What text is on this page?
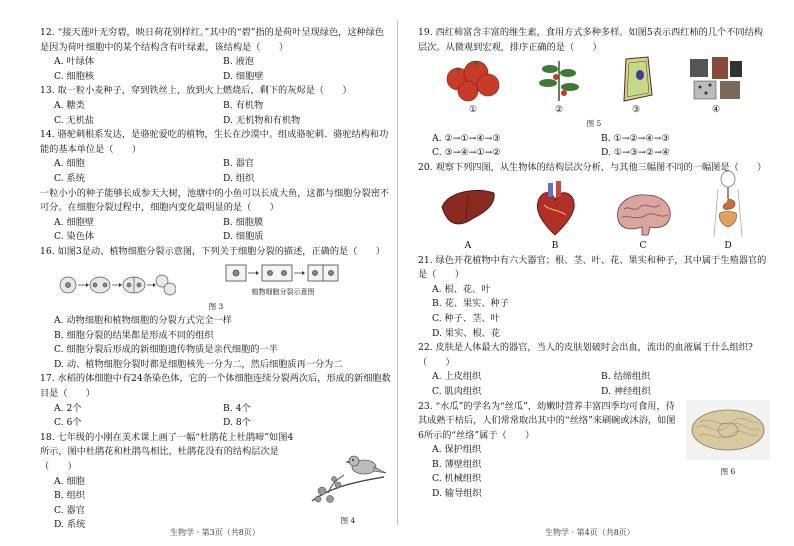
12. “接天莲叶无穷碧，映日荷花别样红。”其中的“碧”指的是荷叶呈现绿色，这种绿色是因为荷叶细胞中的某个结构含有叶绿素，该结构是（　　）
A. 叶绿体	B. 液泡
C. 细胞核	D. 细胞壁
13. 取一粒小麦种子，穿到铁丝上，放到火上燃烧后，剩下的灰烬是（　　）
A. 糖类	B. 有机物
C. 无机盐	D. 无机物和有机物
14. 骆驼刺根系发达，是骆驼爱吃的植物，生长在沙漠中。组成骆驼刺、骆驼结构和功能的基本单位是（　　）
A. 细胞	B. 器官
C. 系统	D. 组织
一粒小小的种子能够长成参天大树，池塘中的小鱼可以长成大鱼，这都与细胞分裂密不可分。在细胞分裂过程中，细胞内变化最明显的是（　　）
A. 细胞壁	B. 细胞膜
C. 染色体	D. 细胞质
16. 如图3是动、植物细胞分裂示意图，下列关于细胞分裂的描述，正确的是（　　）
植物细胞分裂示意图
图 3
A. 动物细胞和植物细胞的分裂方式完全一样
B. 细胞分裂的结果都是形成不同的组织
C. 细胞分裂后形成的新细胞遗传物质是亲代细胞的一半
D. 动、植物细胞分裂时都是细胞核先一分为二，然后细胞质再一分为二
17. 水稻的体细胞中有24条染色体，它的一个体细胞连续分裂两次后，形成的新细胞数目是（　　）
A. 2个	B. 4个
C. 6个	D. 8个
18. 七年级的小刚在美术课上画了一幅“杜鹃花上杜鹃啼”如图4所示，图中杜鹃花和杜鹃鸟相比，杜鹃花没有的结构层次是（　　）
A. 细胞
B. 组织
C. 器官
D. 系统	图 4
生物学 · 第3页（共8页）
19. 西红柿富含丰富的维生素，食用方式多种多样。如图5表示西红柿的几个不同结构层次。从微观到宏观，排序正确的是（　　）
①	②	③	④
图 5
A. ②→①→④→③	B. ①→②→④→③
C. ③→④→①→②	D. ①→③→②→④
20. 观察下列四图，从生物体的结构层次分析，与其他三幅图不同的一幅图是（　　）
A	B	C	D
21. 绿色开花植物中有六大器官；根、茎、叶、花、果实和种子，其中属于生殖器官的是（　　）
A. 根、花、叶
B. 花、果实、种子
C. 种子、茎、叶
D. 果实、根、花
22. 皮肤是人体最大的器官，当人的皮肤划破时会出血，流出的血液属于什么组织?（　　）
A. 上皮组织	B. 结缔组织
C. 肌肉组织	D. 神经组织
23. “水瓜”的学名为“丝瓜”，幼嫩时营养丰富四季均可食用，待其成熟干枯后，人们常常取出其中的“丝络”来刷碗或沐浴，如图6所示的“丝络”属于（　　）
A. 保护组织
B. 薄壁组织
C. 机械组织
D. 输导组织
图 6
生物学 · 第4页（共8页）
